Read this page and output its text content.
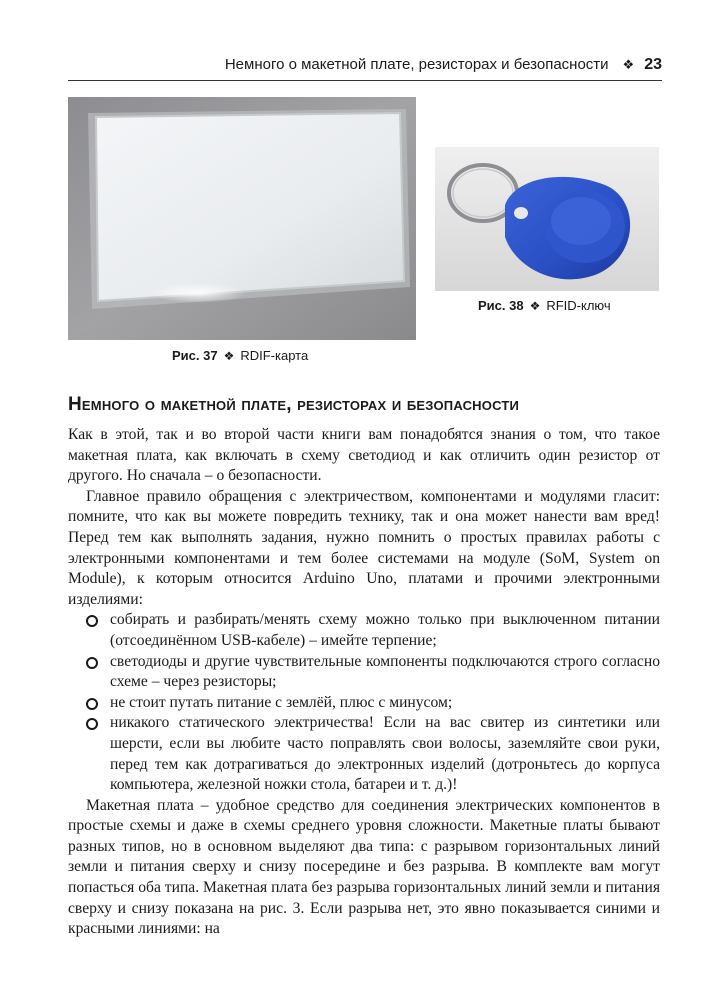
Немного о макетной плате, резисторах и безопасности ❖ 23
Рис. 37 ❖ RDIF-карта
Рис. 38 ❖ RFID-ключ
Немного о макетной плате, резисторах и безопасности

Как в этой, так и во второй части книги вам понадобятся знания о том, что такое макетная плата, как включать в схему светодиод и как отличить один резистор от другого. Но сначала – о безопасности.

Главное правило обращения с электричеством, компонентами и модулями гласит: помните, что как вы можете повредить технику, так и она может нанести вам вред! Перед тем как выполнять задания, нужно помнить о простых правилах работы с электронными компонентами и тем более системами на модуле (SoM, System on Module), к которым относится Arduino Uno, платами и прочими электронными изделиями:

собирать и разбирать/менять схему можно только при выключенном питании (отсоединённом USB-кабеле) – имейте терпение;
светодиоды и другие чувствительные компоненты подключаются строго согласно схеме – через резисторы;
не стоит путать питание с землёй, плюс с минусом;
никакого статического электричества! Если на вас свитер из синтетики или шерсти, если вы любите часто поправлять свои волосы, заземляйте свои руки, перед тем как дотрагиваться до электронных изделий (дотроньтесь до корпуса компьютера, железной ножки стола, батареи и т. д.)!

Макетная плата – удобное средство для соединения электрических компонентов в простые схемы и даже в схемы среднего уровня сложности. Макетные платы бывают разных типов, но в основном выделяют два типа: с разрывом горизонтальных линий земли и питания сверху и снизу посередине и без разрыва. В комплекте вам могут попасться оба типа. Макетная плата без разрыва горизонтальных линий земли и питания сверху и снизу показана на рис. 3. Если разрыва нет, это явно показывается синими и красными линиями: на
